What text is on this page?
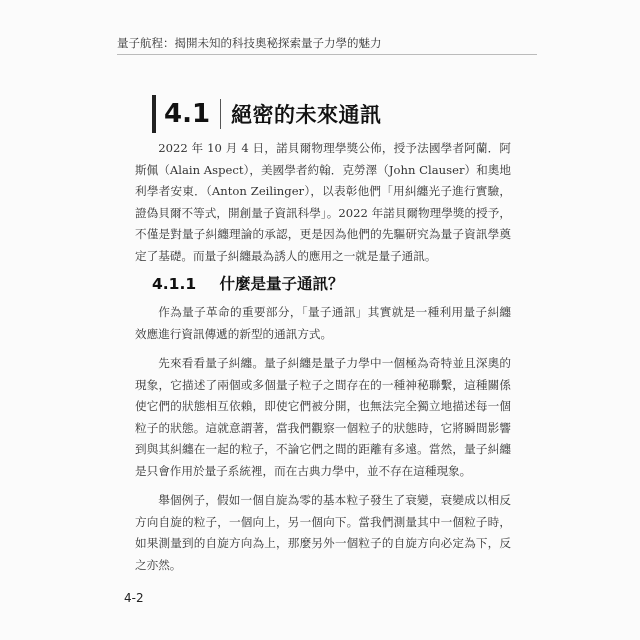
量子航程：揭開未知的科技奧秘探索量子力學的魅力
4.1 絕密的未來通訊

2022 年 10 月 4 日，諾貝爾物理學獎公佈，授予法國學者阿蘭．阿斯佩（Alain Aspect），美國學者約翰．克勞澤（John Clauser）和奧地利學者安東．（Anton Zeilinger），以表彰他們「用糾纏光子進行實驗，證偽貝爾不等式，開創量子資訊科學」。2022 年諾貝爾物理學獎的授予，不僅是對量子糾纏理論的承認，更是因為他們的先驅研究為量子資訊學奠定了基礎。而量子糾纏最為誘人的應用之一就是量子通訊。

4.1.1 什麼是量子通訊？

作為量子革命的重要部分，「量子通訊」其實就是一種利用量子糾纏效應進行資訊傳遞的新型的通訊方式。

先來看看量子糾纏。量子糾纏是量子力學中一個極為奇特並且深奧的現象，它描述了兩個或多個量子粒子之間存在的一種神秘聯繫，這種關係使它們的狀態相互依賴，即使它們被分開，也無法完全獨立地描述每一個粒子的狀態。這就意謂著，當我們觀察一個粒子的狀態時，它將瞬間影響到與其糾纏在一起的粒子，不論它們之間的距離有多遠。當然，量子糾纏是只會作用於量子系統裡，而在古典力學中，並不存在這種現象。

舉個例子，假如一個自旋為零的基本粒子發生了衰變，衰變成以相反方向自旋的粒子，一個向上，另一個向下。當我們測量其中一個粒子時，如果測量到的自旋方向為上，那麼另外一個粒子的自旋方向必定為下，反之亦然。

4-2
